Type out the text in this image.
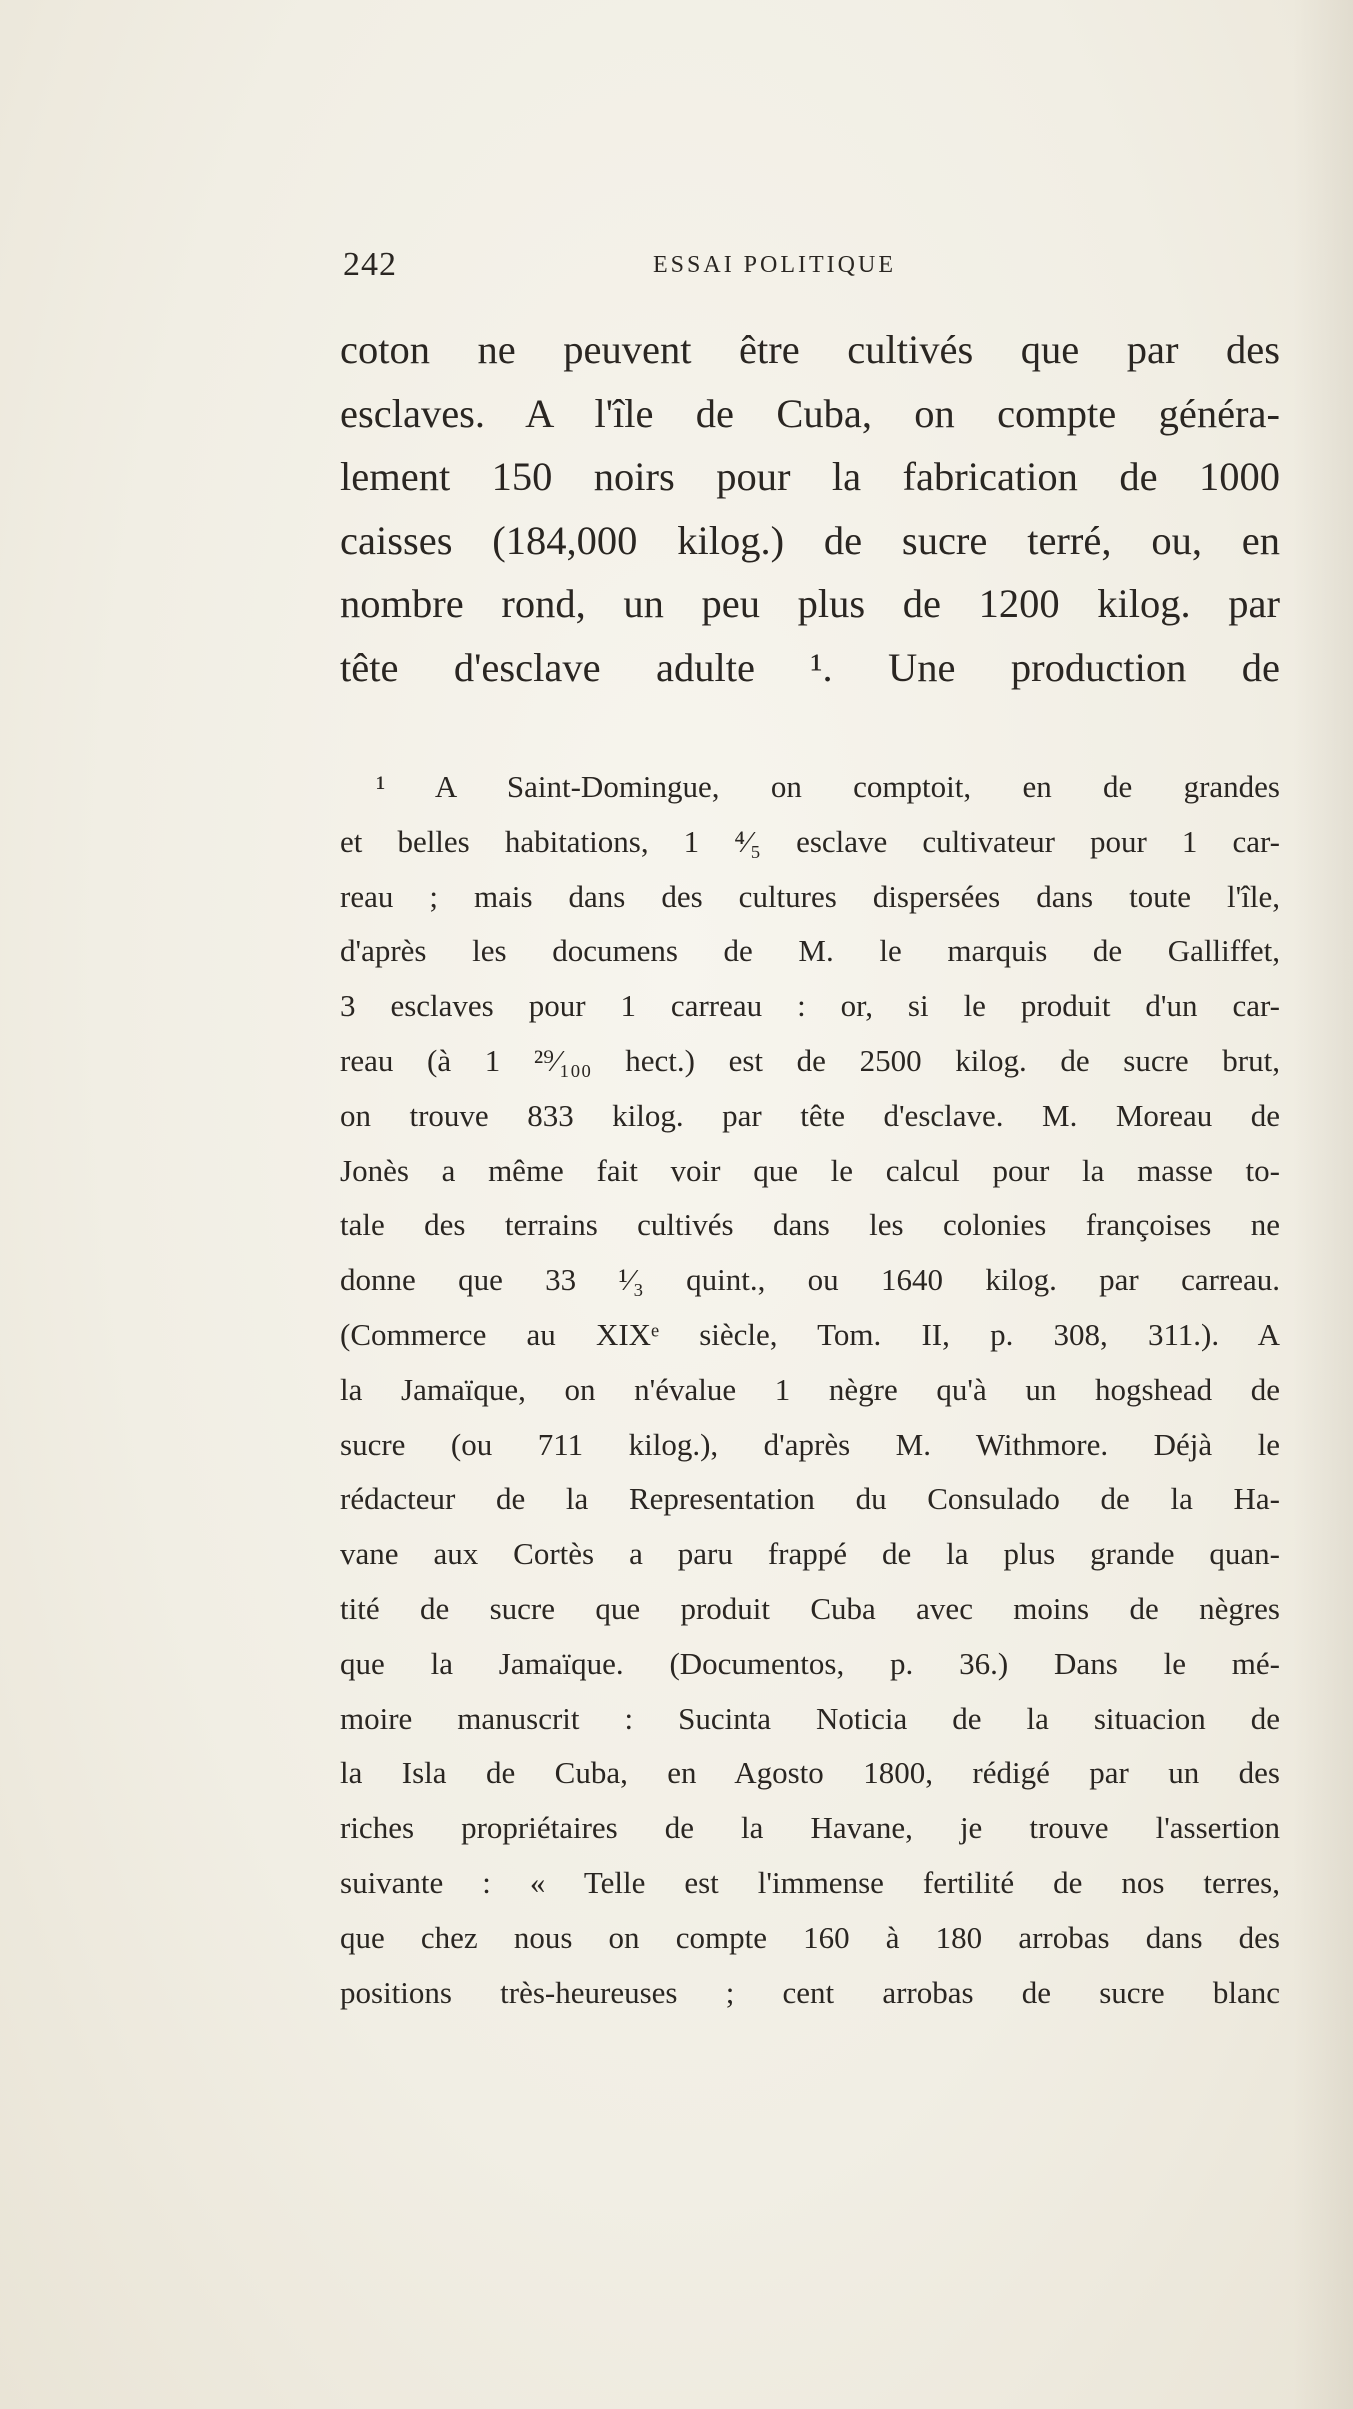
242	ESSAI POLITIQUE
coton ne peuvent être cultivés que par des
esclaves. A l'île de Cuba, on compte généra-
lement 150 noirs pour la fabrication de 1000
caisses (184,000 kilog.) de sucre terré, ou, en
nombre rond, un peu plus de 1200 kilog. par
tête d'esclave adulte ¹. Une production de
¹ A Saint-Domingue, on comptoit, en de grandes
et belles habitations, 1 ⁴⁄₅ esclave cultivateur pour 1 car-
reau ; mais dans des cultures dispersées dans toute l'île,
d'après les documens de M. le marquis de Galliffet,
3 esclaves pour 1 carreau : or, si le produit d'un car-
reau (à 1 ²⁹⁄₁₀₀ hect.) est de 2500 kilog. de sucre brut,
on trouve 833 kilog. par tête d'esclave. M. Moreau de
Jonès a même fait voir que le calcul pour la masse to-
tale des terrains cultivés dans les colonies françoises ne
donne que 33 ¹⁄₃ quint., ou 1640 kilog. par carreau.
(Commerce au XIXᵉ siècle, Tom. II, p. 308, 311.). A
la Jamaïque, on n'évalue 1 nègre qu'à un hogshead de
sucre (ou 711 kilog.), d'après M. Withmore. Déjà le
rédacteur de la Representation du Consulado de la Ha-
vane aux Cortès a paru frappé de la plus grande quan-
tité de sucre que produit Cuba avec moins de nègres
que la Jamaïque. (Documentos, p. 36.) Dans le mé-
moire manuscrit : Sucinta Noticia de la situacion de
la Isla de Cuba, en Agosto 1800, rédigé par un des
riches propriétaires de la Havane, je trouve l'assertion
suivante : « Telle est l'immense fertilité de nos terres,
que chez nous on compte 160 à 180 arrobas dans des
positions très-heureuses ; cent arrobas de sucre blanc
